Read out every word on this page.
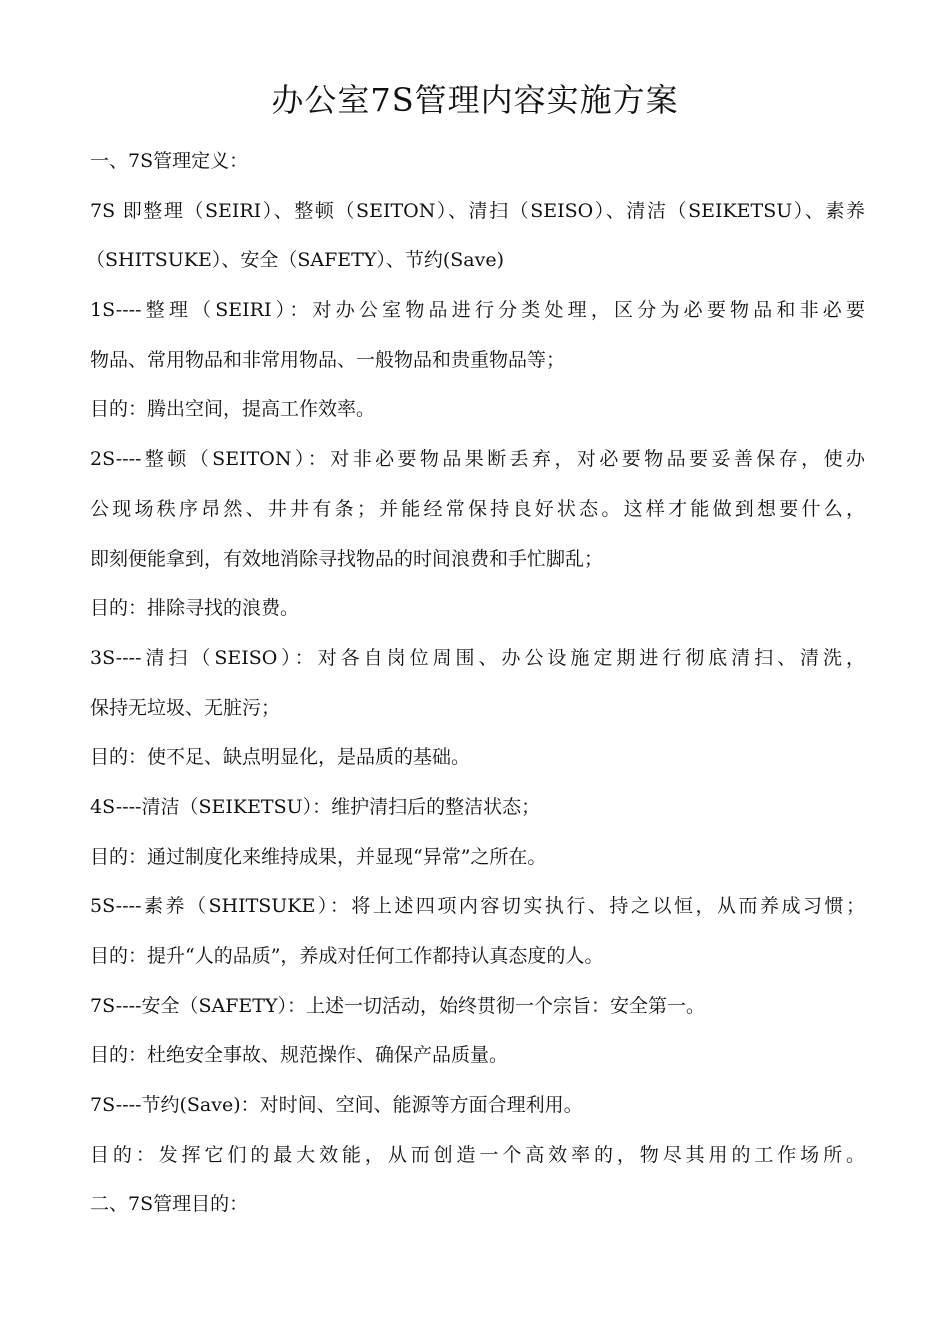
办公室7S管理内容实施方案
一、7S管理定义：
7S 即整理（SEIRI）、整顿（SEITON）、清扫（SEISO）、清洁（SEIKETSU）、素养
（SHITSUKE）、安全（SAFETY）、节约(Save)
1S----整理（SEIRI）：对办公室物品进行分类处理，区分为必要物品和非必要
物品、常用物品和非常用物品、一般物品和贵重物品等；
目的：腾出空间，提高工作效率。
2S----整顿（SEITON）：对非必要物品果断丢弃，对必要物品要妥善保存，使办
公现场秩序昂然、井井有条；并能经常保持良好状态。这样才能做到想要什么，
即刻便能拿到，有效地消除寻找物品的时间浪费和手忙脚乱；
目的：排除寻找的浪费。
3S----清扫（SEISO）：对各自岗位周围、办公设施定期进行彻底清扫、清洗，
保持无垃圾、无脏污；
目的：使不足、缺点明显化，是品质的基础。
4S----清洁（SEIKETSU）：维护清扫后的整洁状态；
目的：通过制度化来维持成果，并显现“异常”之所在。
5S----素养（SHITSUKE）：将上述四项内容切实执行、持之以恒，从而养成习惯；
目的：提升“人的品质”，养成对任何工作都持认真态度的人。
7S----安全（SAFETY）：上述一切活动，始终贯彻一个宗旨：安全第一。
目的：杜绝安全事故、规范操作、确保产品质量。
7S----节约(Save)：对时间、空间、能源等方面合理利用。
目的：发挥它们的最大效能，从而创造一个高效率的，物尽其用的工作场所。
二、7S管理目的：
